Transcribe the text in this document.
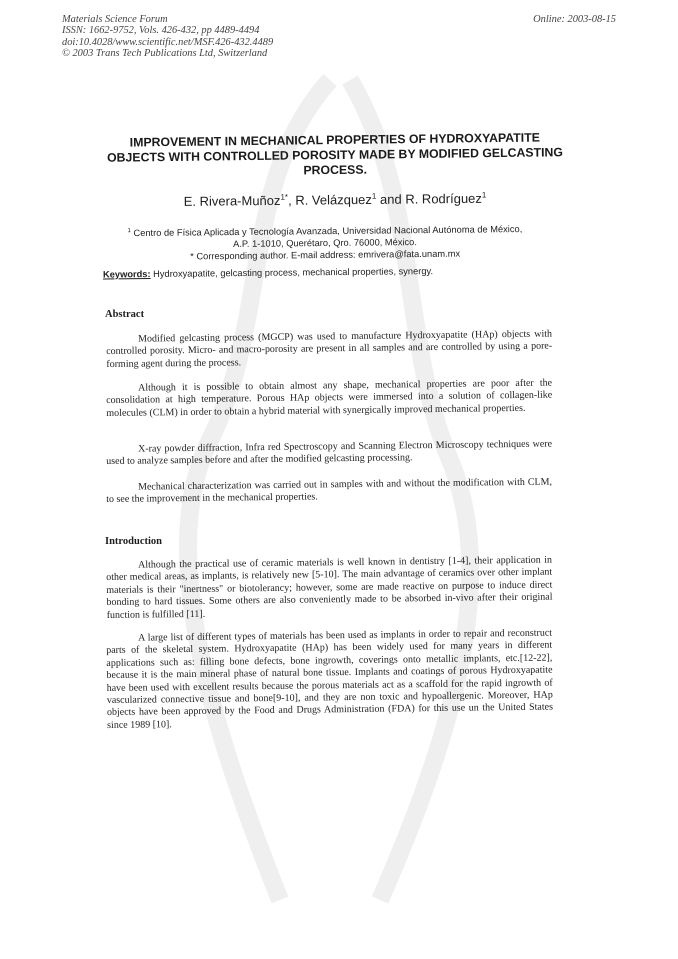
Materials Science Forum
ISSN: 1662-9752, Vols. 426-432, pp 4489-4494
doi:10.4028/www.scientific.net/MSF.426-432.4489
© 2003 Trans Tech Publications Ltd, Switzerland
Online: 2003-08-15
IMPROVEMENT IN MECHANICAL PROPERTIES OF HYDROXYAPATITE OBJECTS WITH CONTROLLED POROSITY MADE BY MODIFIED GELCASTING PROCESS.
E. Rivera-Muñoz$^{1*}$, R. Velázquez$^1$ and R. Rodríguez$^1$
$^1$ Centro de Física Aplicada y Tecnología Avanzada, Universidad Nacional Autónoma de México,
A.P. 1-1010, Querétaro, Qro. 76000, México.
* Corresponding author. E-mail address: emrivera@fata.unam.mx
Keywords: Hydroxyapatite, gelcasting process, mechanical properties, synergy.
Abstract
Modified gelcasting process (MGCP) was used to manufacture Hydroxyapatite (HAp) objects with controlled porosity. Micro- and macro-porosity are present in all samples and are controlled by using a pore-forming agent during the process.
Although it is possible to obtain almost any shape, mechanical properties are poor after the consolidation at high temperature. Porous HAp objects were immersed into a solution of collagen-like molecules (CLM) in order to obtain a hybrid material with synergically improved mechanical properties.
X-ray powder diffraction, Infra red Spectroscopy and Scanning Electron Microscopy techniques were used to analyze samples before and after the modified gelcasting processing.
Mechanical characterization was carried out in samples with and without the modification with CLM, to see the improvement in the mechanical properties.
Introduction
Although the practical use of ceramic materials is well known in dentistry [1-4], their application in other medical areas, as implants, is relatively new [5-10]. The main advantage of ceramics over other implant materials is their "inertness" or biotolerancy; however, some are made reactive on purpose to induce direct bonding to hard tissues. Some others are also conveniently made to be absorbed in-vivo after their original function is fulfilled [11].
A large list of different types of materials has been used as implants in order to repair and reconstruct parts of the skeletal system. Hydroxyapatite (HAp) has been widely used for many years in different applications such as: filling bone defects, bone ingrowth, coverings onto metallic implants, etc.[12-22], because it is the main mineral phase of natural bone tissue. Implants and coatings of porous Hydroxyapatite have been used with excellent results because the porous materials act as a scaffold for the rapid ingrowth of vascularized connective tissue and bone[9-10], and they are non toxic and hypoallergenic. Moreover, HAp objects have been approved by the Food and Drugs Administration (FDA) for this use un the United States since 1989 [10].
